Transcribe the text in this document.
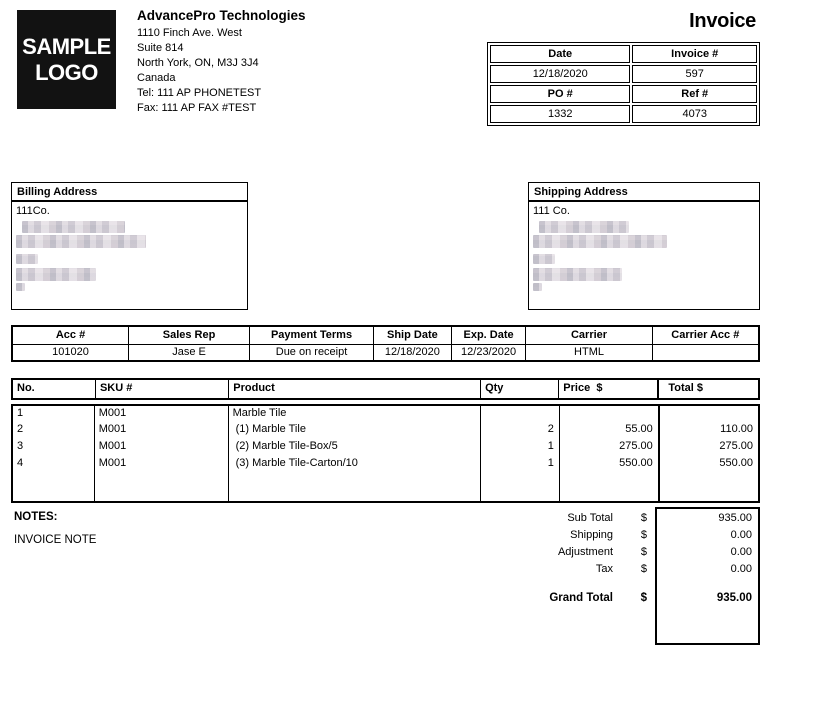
SAMPLE
LOGO
AdvancePro Technologies
1110 Finch Ave. West
Suite 814
North York, ON, M3J 3J4
Canada
Tel: 111 AP PHONETEST
Fax: 111 AP FAX #TEST
Invoice
Date	Invoice #
12/18/2020	597
PO #	Ref #
1332	4073
Billing Address
111Co.
Shipping Address
111 Co.
Acc #	Sales Rep	Payment Terms	Ship Date	Exp. Date	Carrier	Carrier Acc #
101020	Jase E	Due on receipt	12/18/2020	12/23/2020	HTML	
No.	SKU #	Product	Qty	Price  $	Total $
1	M001	Marble Tile			
2	M001	(1) Marble Tile	2	55.00	110.00
3	M001	(2) Marble Tile-Box/5	1	275.00	275.00
4	M001	(3) Marble Tile-Carton/10	1	550.00	550.00

NOTES:
INVOICE NOTE
Sub Total	$	935.00
Shipping	$	0.00
Adjustment	$	0.00
Tax	$	0.00
Grand Total	$	935.00
